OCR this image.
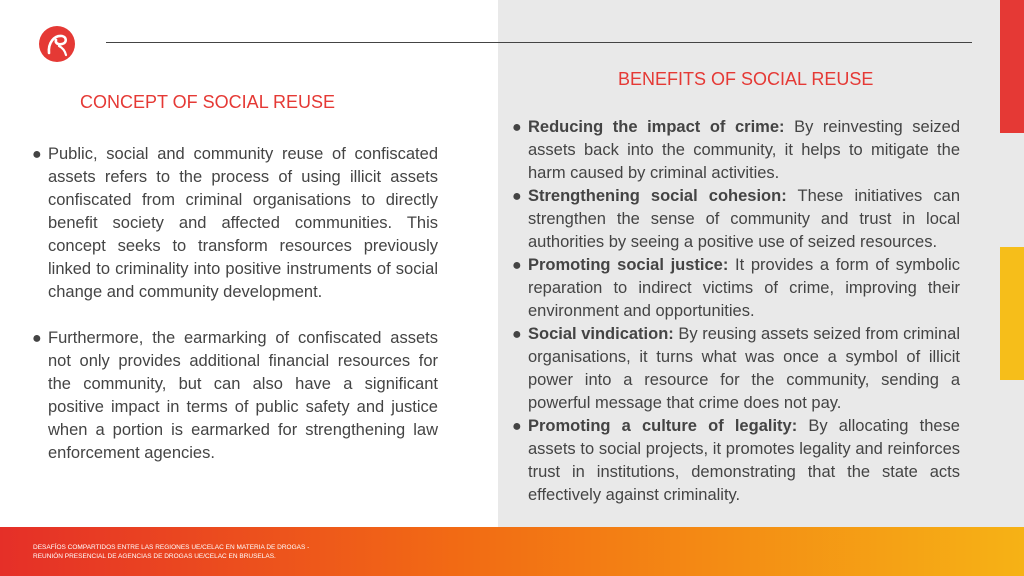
CONCEPT OF SOCIAL REUSE
BENEFITS OF SOCIAL REUSE
● Public, social and community reuse of confiscated assets refers to the process of using illicit assets confiscated from criminal organisations to directly benefit society and affected communities. This concept seeks to transform resources previously linked to criminality into positive instruments of social change and community development.
● Furthermore, the earmarking of confiscated assets not only provides additional financial resources for the community, but can also have a significant positive impact in terms of public safety and justice when a portion is earmarked for strengthening law enforcement agencies.
● Reducing the impact of crime: By reinvesting seized assets back into the community, it helps to mitigate the harm caused by criminal activities.
● Strengthening social cohesion: These initiatives can strengthen the sense of community and trust in local authorities by seeing a positive use of seized resources.
● Promoting social justice: It provides a form of symbolic reparation to indirect victims of crime, improving their environment and opportunities.
● Social vindication: By reusing assets seized from criminal organisations, it turns what was once a symbol of illicit power into a resource for the community, sending a powerful message that crime does not pay.
● Promoting a culture of legality: By allocating these assets to social projects, it promotes legality and reinforces trust in institutions, demonstrating that the state acts effectively against criminality.
DESAFÍOS COMPARTIDOS ENTRE LAS REGIONES UE/CELAC EN MATERIA DE DROGAS -
REUNIÓN PRESENCIAL DE AGENCIAS DE DROGAS UE/CELAC EN BRUSELAS.
